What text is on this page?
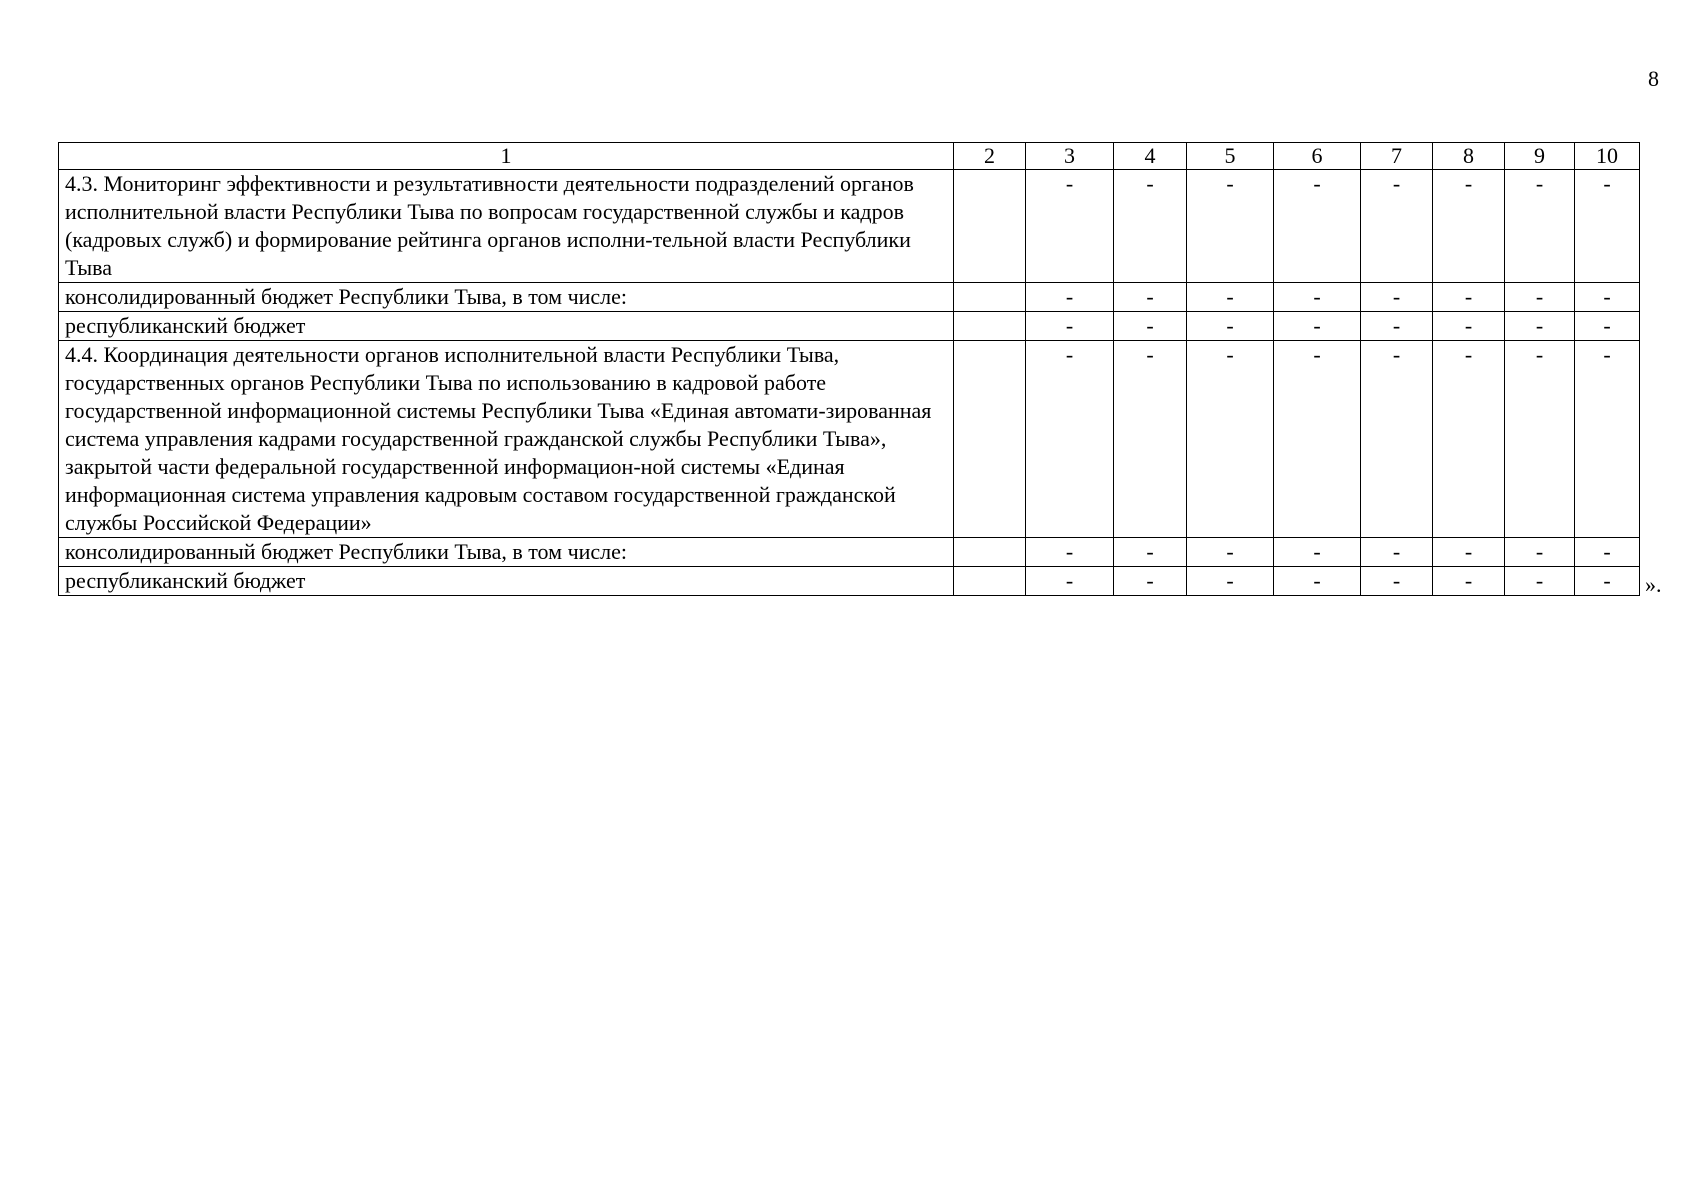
8
1	2	3	4	5	6	7	8	9	10
4.3. Мониторинг эффективности и результативности деятельности подразделений органов исполнительной власти Республики Тыва по вопросам государственной службы и кадров (кадровых служб) и формирование рейтинга органов исполни-тельной власти Республики Тыва		-	-	-	-	-	-	-	-
консолидированный бюджет Республики Тыва, в том числе:		-	-	-	-	-	-	-	-
республиканский бюджет		-	-	-	-	-	-	-	-
4.4. Координация деятельности органов исполнительной власти Республики Тыва, государственных органов Республики Тыва по использованию в кадровой работе государственной информационной системы Республики Тыва «Единая автомати-зированная система управления кадрами государственной гражданской службы Республики Тыва», закрытой части федеральной государственной информацион-ной системы «Единая информационная система управления кадровым составом государственной гражданской службы Российской Федерации»		-	-	-	-	-	-	-	-
консолидированный бюджет Республики Тыва, в том числе:		-	-	-	-	-	-	-	-
республиканский бюджет		-	-	-	-	-	-	-	- ».
